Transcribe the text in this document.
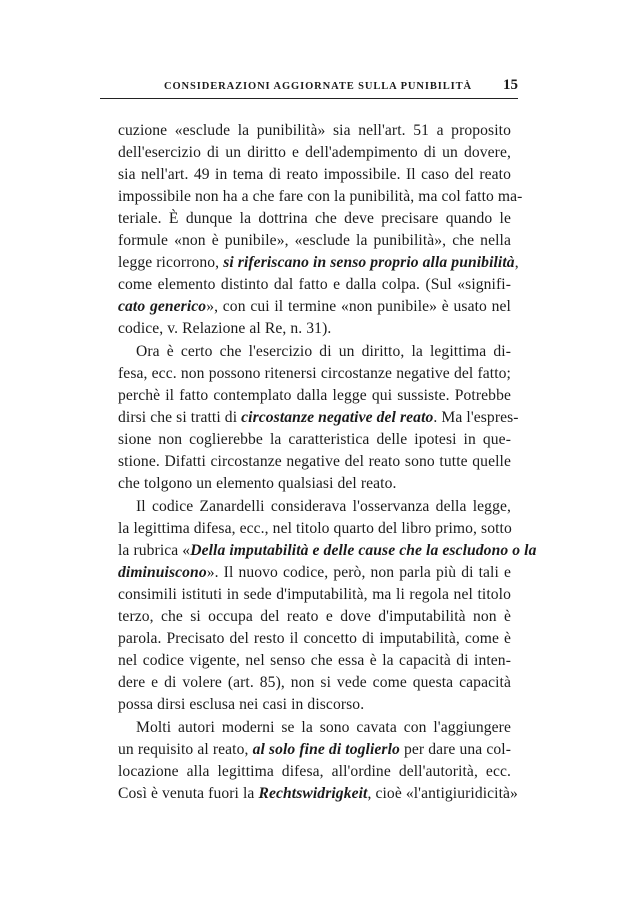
CONSIDERAZIONI AGGIORNATE SULLA PUNIBILITÀ 15
cuzione «esclude la punibilità» sia nell'art. 51 a proposito
dell'esercizio di un diritto e dell'adempimento di un dovere,
sia nell'art. 49 in tema di reato impossibile. Il caso del reato
impossibile non ha a che fare con la punibilità, ma col fatto ma-
teriale. È dunque la dottrina che deve precisare quando le
formule «non è punibile», «esclude la punibilità», che nella
legge ricorrono, si riferiscano in senso proprio alla punibilità,
come elemento distinto dal fatto e dalla colpa. (Sul «signifi-
cato generico», con cui il termine «non punibile» è usato nel
codice, v. Relazione al Re, n. 31).
Ora è certo che l'esercizio di un diritto, la legittima di-
fesa, ecc. non possono ritenersi circostanze negative del fatto;
perchè il fatto contemplato dalla legge qui sussiste. Potrebbe
dirsi che si tratti di circostanze negative del reato. Ma l'espres-
sione non coglierebbe la caratteristica delle ipotesi in que-
stione. Difatti circostanze negative del reato sono tutte quelle
che tolgono un elemento qualsiasi del reato.
Il codice Zanardelli considerava l'osservanza della legge,
la legittima difesa, ecc., nel titolo quarto del libro primo, sotto
la rubrica «Della imputabilità e delle cause che la escludono o la
diminuiscono». Il nuovo codice, però, non parla più di tali e
consimili istituti in sede d'imputabilità, ma li regola nel titolo
terzo, che si occupa del reato e dove d'imputabilità non è
parola. Precisato del resto il concetto di imputabilità, come è
nel codice vigente, nel senso che essa è la capacità di inten-
dere e di volere (art. 85), non si vede come questa capacità
possa dirsi esclusa nei casi in discorso.
Molti autori moderni se la sono cavata con l'aggiungere
un requisito al reato, al solo fine di toglierlo per dare una col-
locazione alla legittima difesa, all'ordine dell'autorità, ecc.
Così è venuta fuori la Rechtswidrigkeit, cioè «l'antigiuridicità»
